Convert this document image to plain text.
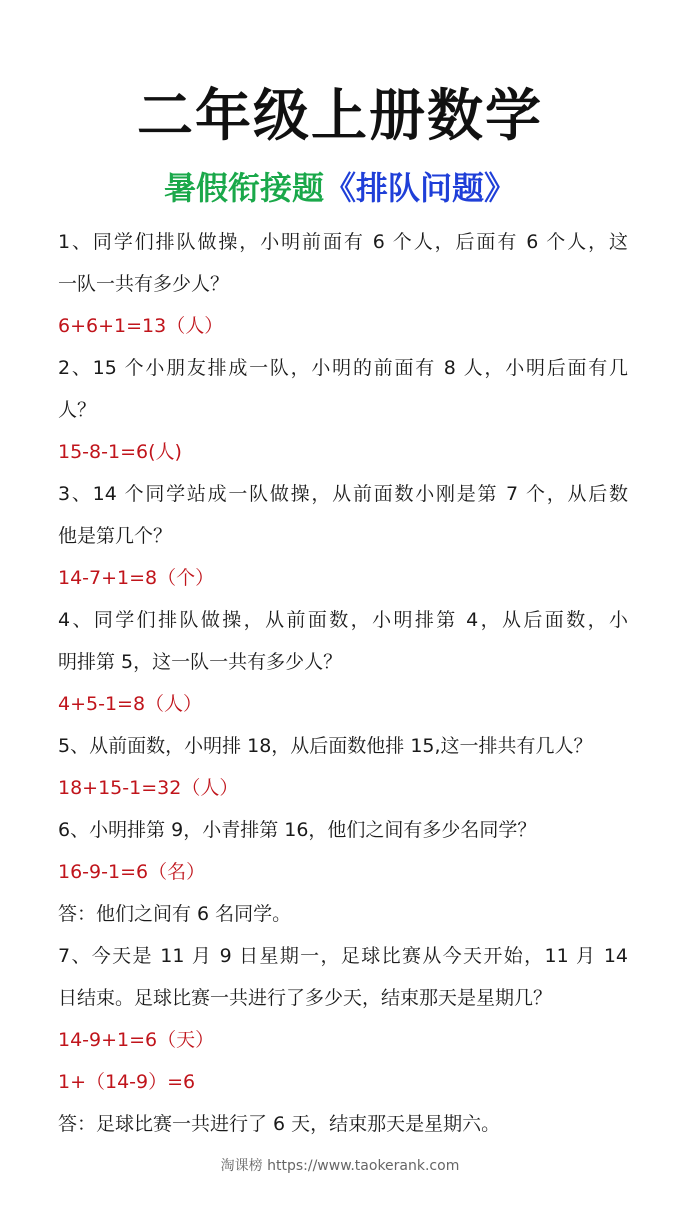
二年级上册数学
暑假衔接题《排队问题》
1、同学们排队做操，小明前面有 6 个人，后面有 6 个人，这
一队一共有多少人？
6+6+1=13（人）
2、15 个小朋友排成一队，小明的前面有 8 人，小明后面有几
人？
15-8-1=6(人)
3、14 个同学站成一队做操，从前面数小刚是第 7 个，从后数
他是第几个？
14-7+1=8（个）
4、同学们排队做操，从前面数，小明排第 4，从后面数，小
明排第 5，这一队一共有多少人？
4+5-1=8（人）
5、从前面数，小明排 18，从后面数他排 15,这一排共有几人？
18+15-1=32（人）
6、小明排第 9，小青排第 16，他们之间有多少名同学？
16-9-1=6（名）
答：他们之间有 6 名同学。
7、今天是 11 月 9 日星期一，足球比赛从今天开始，11 月 14
日结束。足球比赛一共进行了多少天，结束那天是星期几？
14-9+1=6（天）
1+（14-9）=6
答：足球比赛一共进行了 6 天，结束那天是星期六。
淘课榜 https://www.taokerank.com
